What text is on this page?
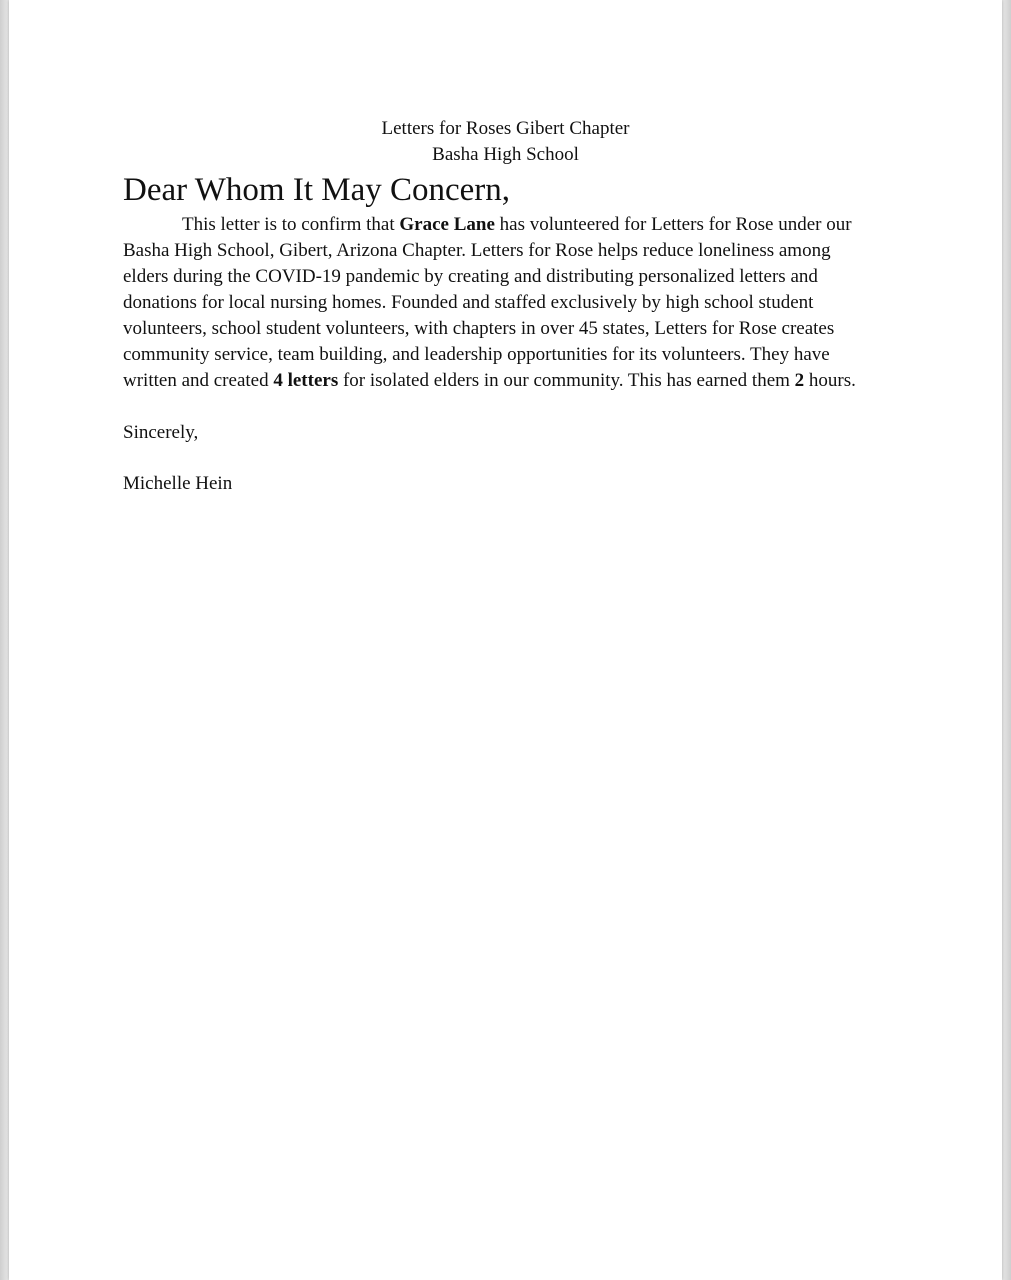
Letters for Roses Gibert Chapter
Basha High School
Dear Whom It May Concern,
This letter is to confirm that Grace Lane has volunteered for Letters for Rose under our
Basha High School, Gibert, Arizona Chapter. Letters for Rose helps reduce loneliness among
elders during the COVID-19 pandemic by creating and distributing personalized letters and
donations for local nursing homes. Founded and staffed exclusively by high school student
volunteers, school student volunteers, with chapters in over 45 states, Letters for Rose creates
community service, team building, and leadership opportunities for its volunteers. They have
written and created 4 letters for isolated elders in our community. This has earned them 2 hours.
Sincerely,
Michelle Hein
